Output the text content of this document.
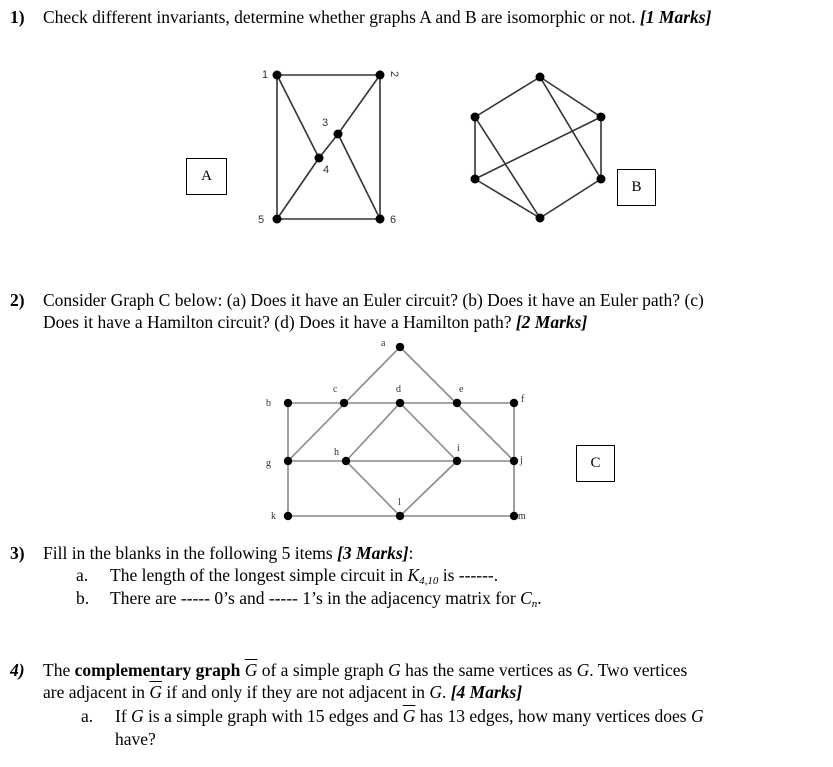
1) Check different invariants, determine whether graphs A and B are isomorphic or not. [1 Marks]
1	2
3
4
5	6
A
B
2) Consider Graph C below: (a) Does it have an Euler circuit? (b) Does it have an Euler path? (c)
Does it have a Hamilton circuit? (d) Does it have a Hamilton path? [2 Marks]
a
b
c	d	e
f
g
h	i
j
k
l
m
C
3) Fill in the blanks in the following 5 items [3 Marks]:
a. The length of the longest simple circuit in $K_{4,10}$ is ------.
b. There are ----- 0’s and ----- 1’s in the adjacency matrix for $C_n$.
4) The complementary graph $\overline{G}$ of a simple graph G has the same vertices as G. Two vertices
are adjacent in $\overline{G}$ if and only if they are not adjacent in G. [4 Marks]
a. If G is a simple graph with 15 edges and $\overline{G}$ has 13 edges, how many vertices does G
have?
